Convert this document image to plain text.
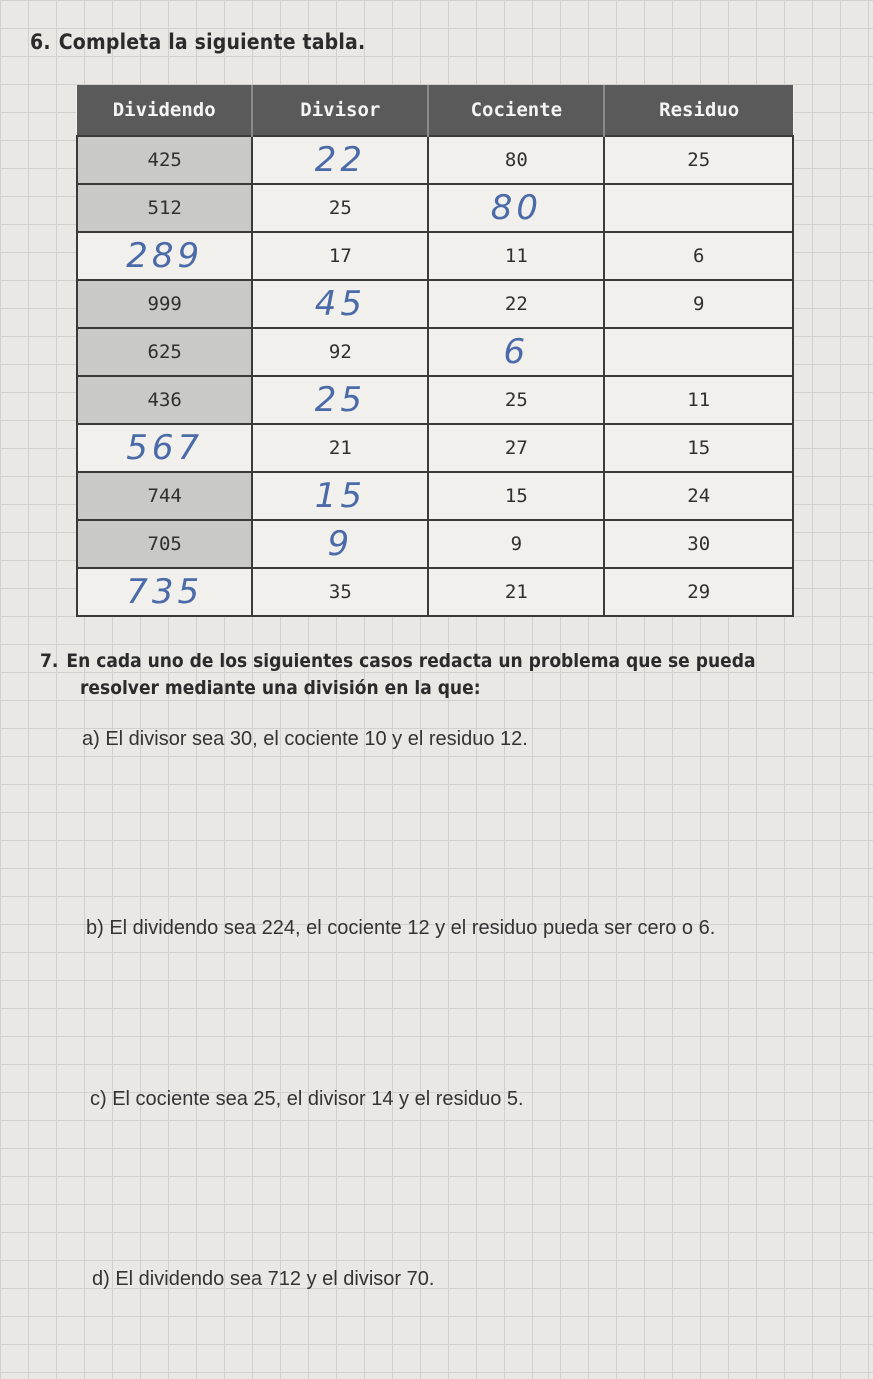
6. Completa la siguiente tabla.
Dividendo	Divisor	Cociente	Residuo
425	22	80	25
512	25	80	
289	17	11	6
999	45	22	9
625	92	6	
436	25	25	11
567	21	27	15
744	15	15	24
705	9	9	30
735	35	21	29
7. En cada uno de los siguientes casos redacta un problema que se pueda
resolver mediante una división en la que:
a) El divisor sea 30, el cociente 10 y el residuo 12.
b) El dividendo sea 224, el cociente 12 y el residuo pueda ser cero o 6.
c) El cociente sea 25, el divisor 14 y el residuo 5.
d) El dividendo sea 712 y el divisor 70.
